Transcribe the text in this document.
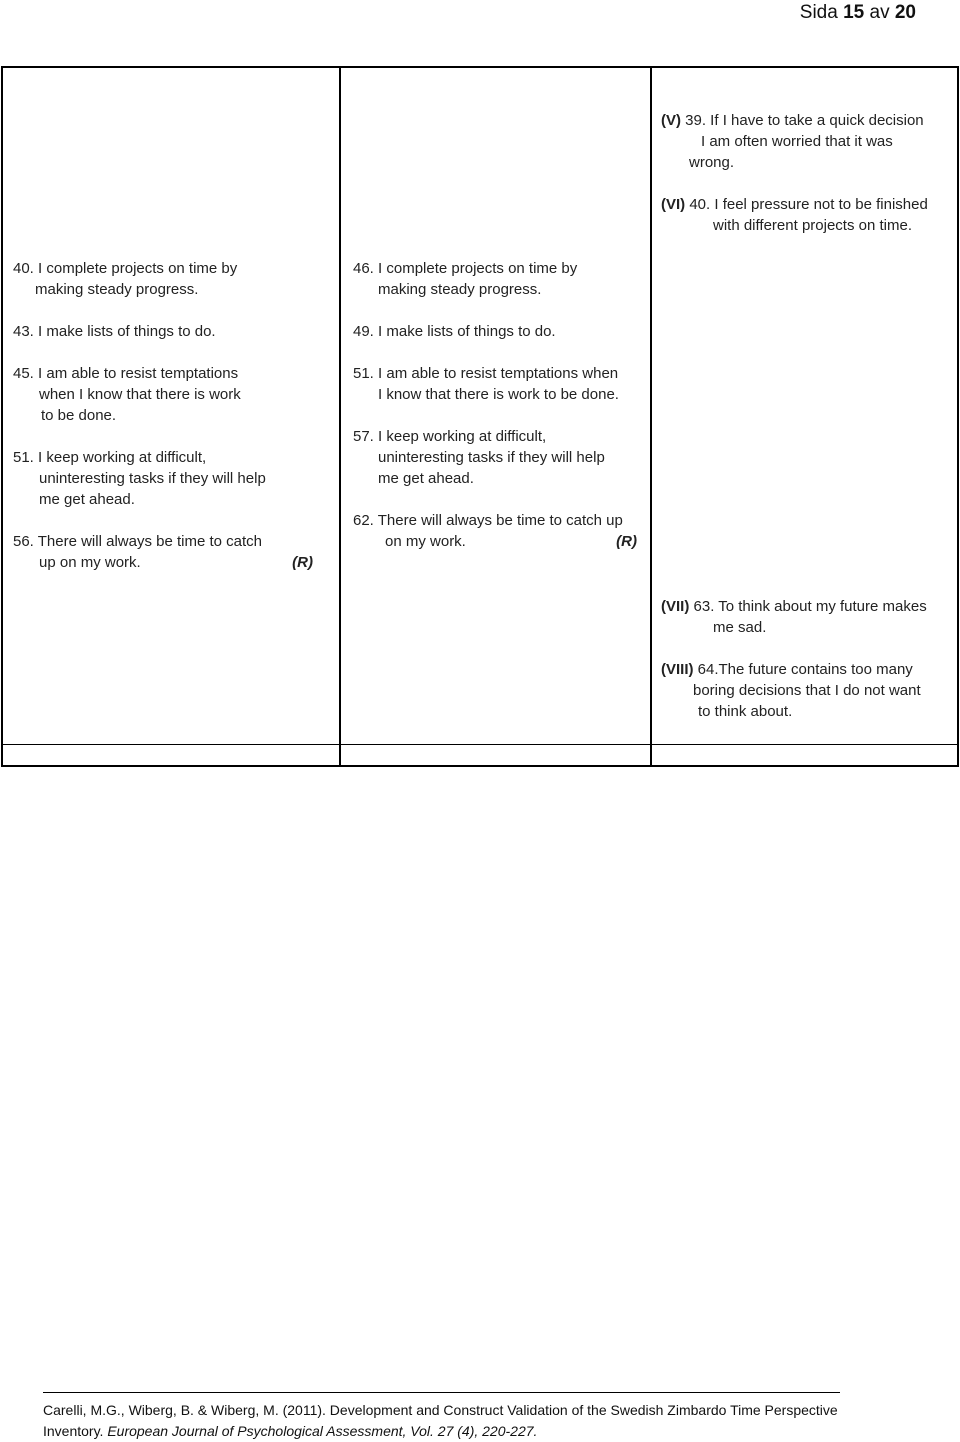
Sida 15 av 20
40. I complete projects on time by
making steady progress.
43. I make lists of things to do.
45. I am able to resist temptations
when I know that there is work
to be done.
51. I keep working at difficult,
uninteresting tasks if they will help
me get ahead.
56. There will always be time to catch
up on my work.	(R)
46. I complete projects on time by
making steady progress.
49. I make lists of things to do.
51. I am able to resist temptations when
I know that there is work to be done.
57. I keep working at difficult,
uninteresting tasks if they will help
me get ahead.
62. There will always be time to catch up
on my work.	(R)
(V) 39. If I have to take a quick decision
I am often worried that it was
wrong.
(VI) 40. I feel pressure not to be finished
with different projects on time.
(VII) 63. To think about my future makes
me sad.
(VIII) 64.The future contains too many
boring decisions that I do not want
to think about.
Carelli, M.G., Wiberg, B. & Wiberg, M. (2011). Development and Construct Validation of the Swedish Zimbardo Time Perspective
Inventory. European Journal of Psychological Assessment, Vol. 27 (4), 220-227.
